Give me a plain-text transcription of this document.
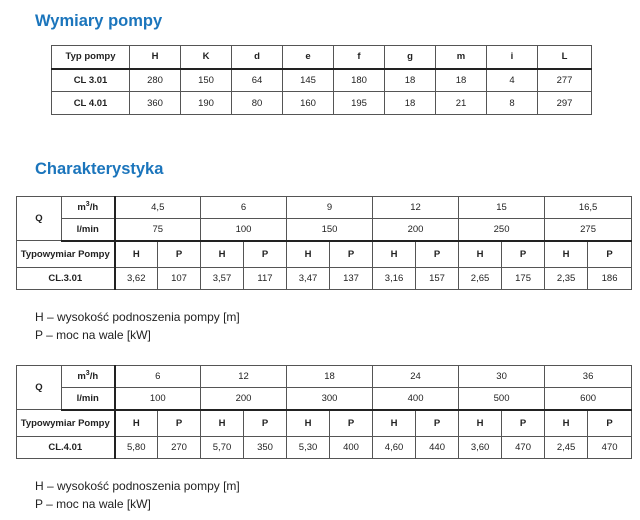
Wymiary pompy
Typ pompy	H	K	d	e	f	g	m	i	L
CL 3.01	280	150	64	145	180	18	18	4	277
CL 4.01	360	190	80	160	195	18	21	8	297
Charakterystyka
Q	$m^3/h$	4,5		6		9		12		15		16,5	
	l/min	75		100		150		200		250		275	
Typowymiar Pompy		H	P	H	P	H	P	H	P	H	P	H	P
CL.3.01		3,62	107	3,57	117	3,47	137	3,16	157	2,65	175	2,35	186
H – wysokość podnoszenia pompy [m]
P – moc na wale [kW]
Q	$m^3/h$	6		12		18		24		30		36	
	l/min	100		200		300		400		500		600	
Typowymiar Pompy		H	P	H	P	H	P	H	P	H	P	H	P
CL.4.01		5,80	270	5,70	350	5,30	400	4,60	440	3,60	470	2,45	470
H – wysokość podnoszenia pompy [m]
P – moc na wale [kW]
